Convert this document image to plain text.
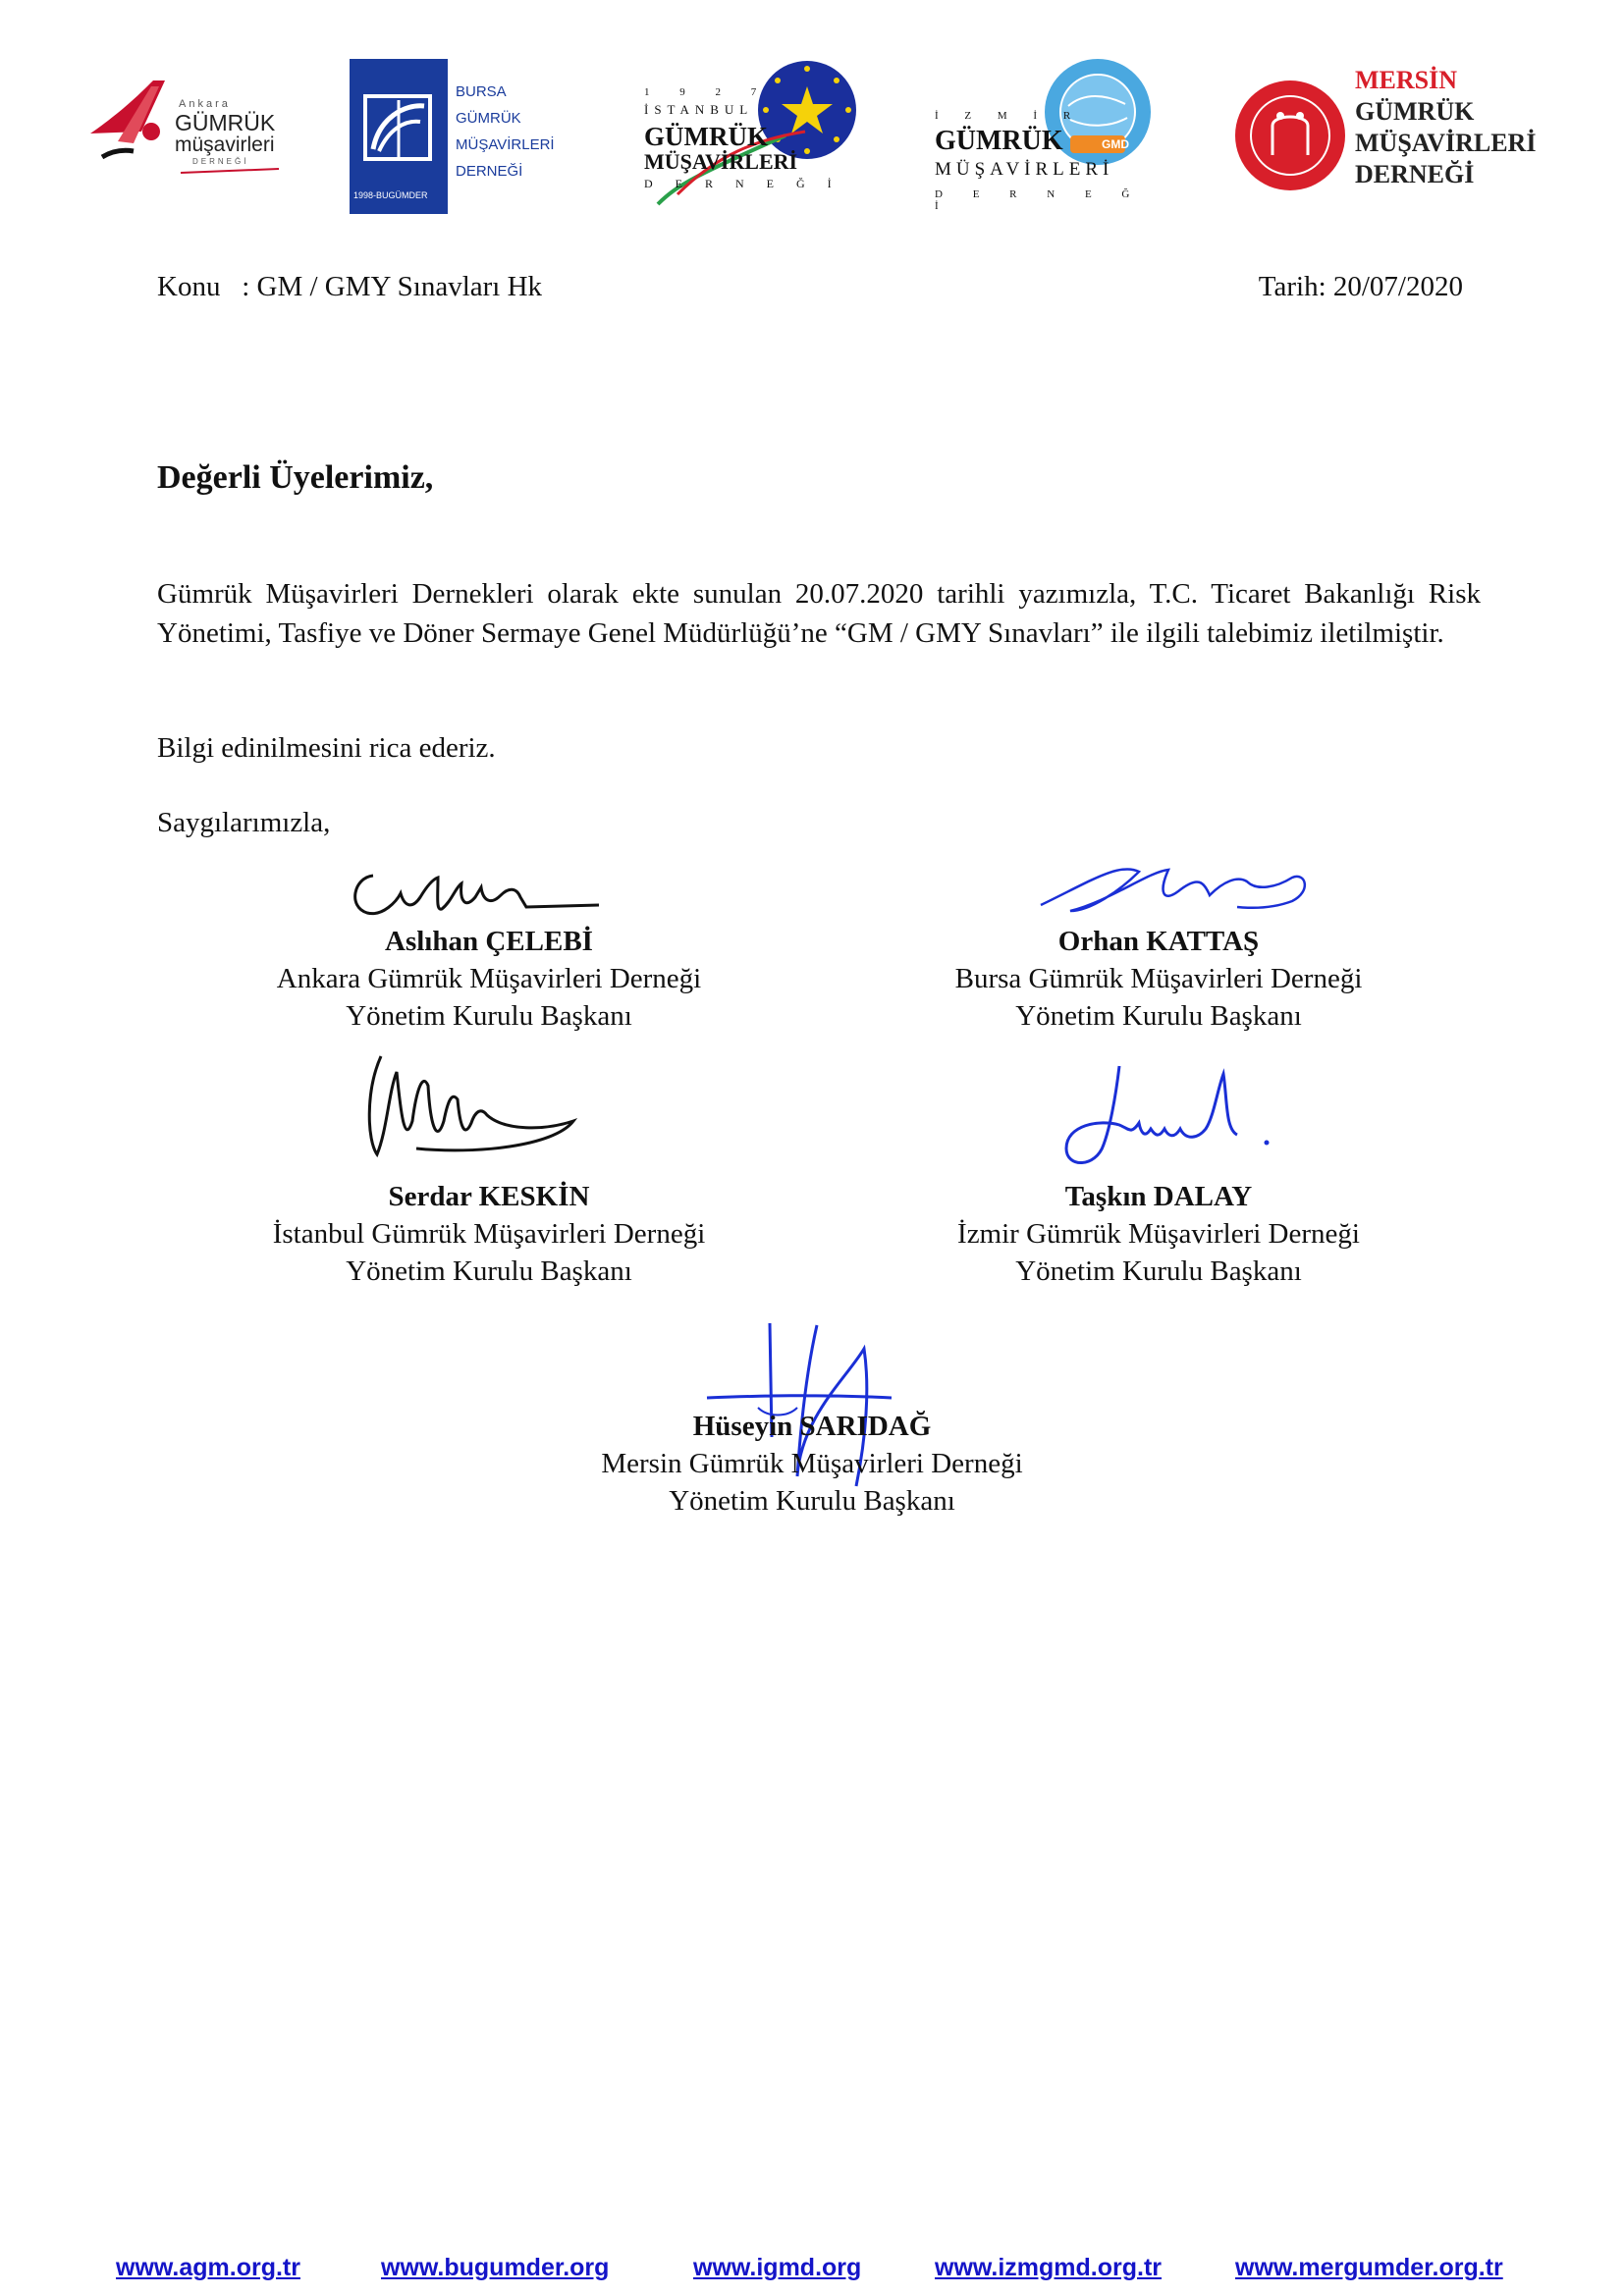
Ankara
GÜMRÜK
müşavirleri
DERNEĞİ
1998-BUGÜMDER
BURSA
GÜMRÜK
MÜŞAVİRLERİ
DERNEĞİ
1 9 2 7
İSTANBUL
GÜMRÜK
MÜŞAVİRLERİ
D E R N E Ğ İ
GMD
İ Z M İ R
GÜMRÜK
MÜŞAVİRLERİ
D E R N E Ğ İ
MERSİN
GÜMRÜK
MÜŞAVİRLERİ
DERNEĞİ
Konu   : GM / GMY Sınavları Hk	Tarih: 20/07/2020
Değerli Üyelerimiz,
Gümrük Müşavirleri Dernekleri olarak ekte sunulan 20.07.2020 tarihli yazımızla, T.C. Ticaret Bakanlığı Risk Yönetimi, Tasfiye ve Döner Sermaye Genel Müdürlüğü’ne “GM / GMY Sınavları” ile ilgili talebimiz iletilmiştir.
Bilgi edinilmesini rica ederiz.
Saygılarımızla,
Aslıhan ÇELEBİ
Ankara Gümrük Müşavirleri Derneği
Yönetim Kurulu Başkanı
Orhan KATTAŞ
Bursa Gümrük Müşavirleri Derneği
Yönetim Kurulu Başkanı
Serdar KESKİN
İstanbul Gümrük Müşavirleri Derneği
Yönetim Kurulu Başkanı
Taşkın DALAY
İzmir Gümrük Müşavirleri Derneği
Yönetim Kurulu Başkanı
Hüseyin SARIDAĞ
Mersin Gümrük Müşavirleri Derneği
Yönetim Kurulu Başkanı
www.agm.org.tr	www.bugumder.org	www.igmd.org	www.izmgmd.org.tr	www.mergumder.org.tr
